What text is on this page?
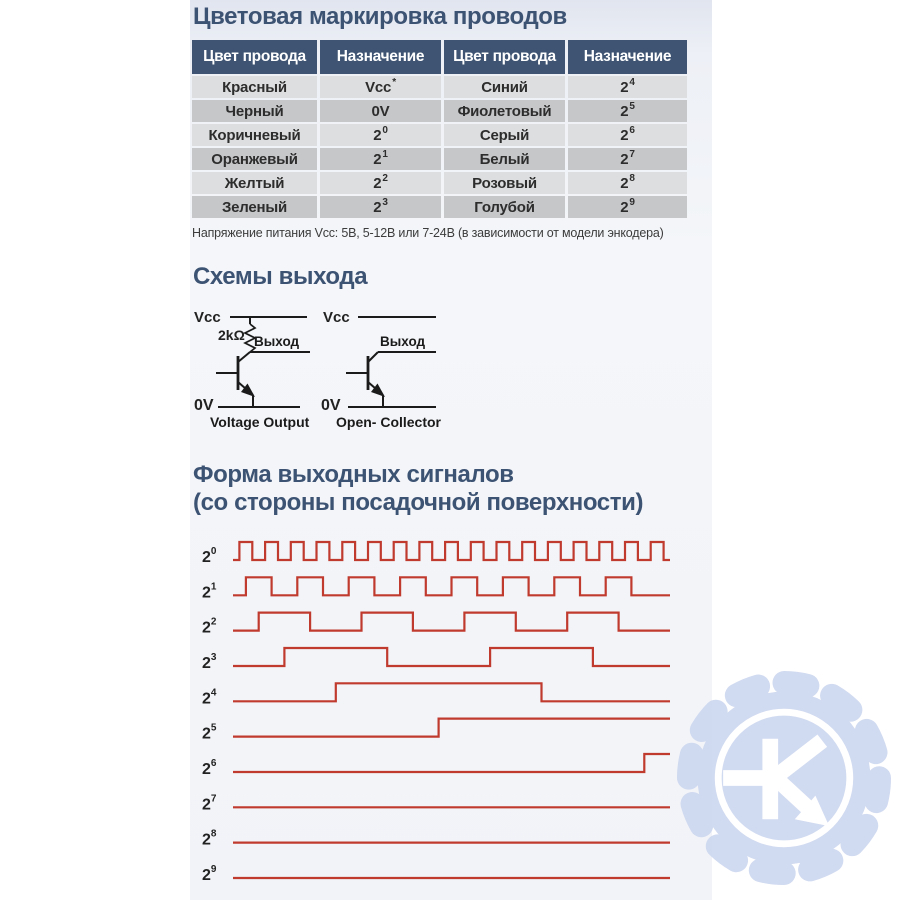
Цветовая маркировка проводов
Цвет провода	Назначение	Цвет провода	Назначение
Красный	Vcc*	Синий	$2^4$
Черный	0V	Фиолетовый	$2^5$
Коричневый	$2^0$	Серый	$2^6$
Оранжевый	$2^1$	Белый	$2^7$
Желтый	$2^2$	Розовый	$2^8$
Зеленый	$2^3$	Голубой	$2^9$
Напряжение питания Vcc: 5В, 5-12В или 7-24В (в зависимости от модели энкодера)
Схемы выхода
Vcc
2kΩ Выход
0V
Voltage Output
Vcc
Выход
0V
Open- Collector
Форма выходных сигналов
(со стороны посадочной поверхности)
$2^0$
$2^1$
$2^2$
$2^3$
$2^4$
$2^5$
$2^6$
$2^7$
$2^8$
$2^9$
